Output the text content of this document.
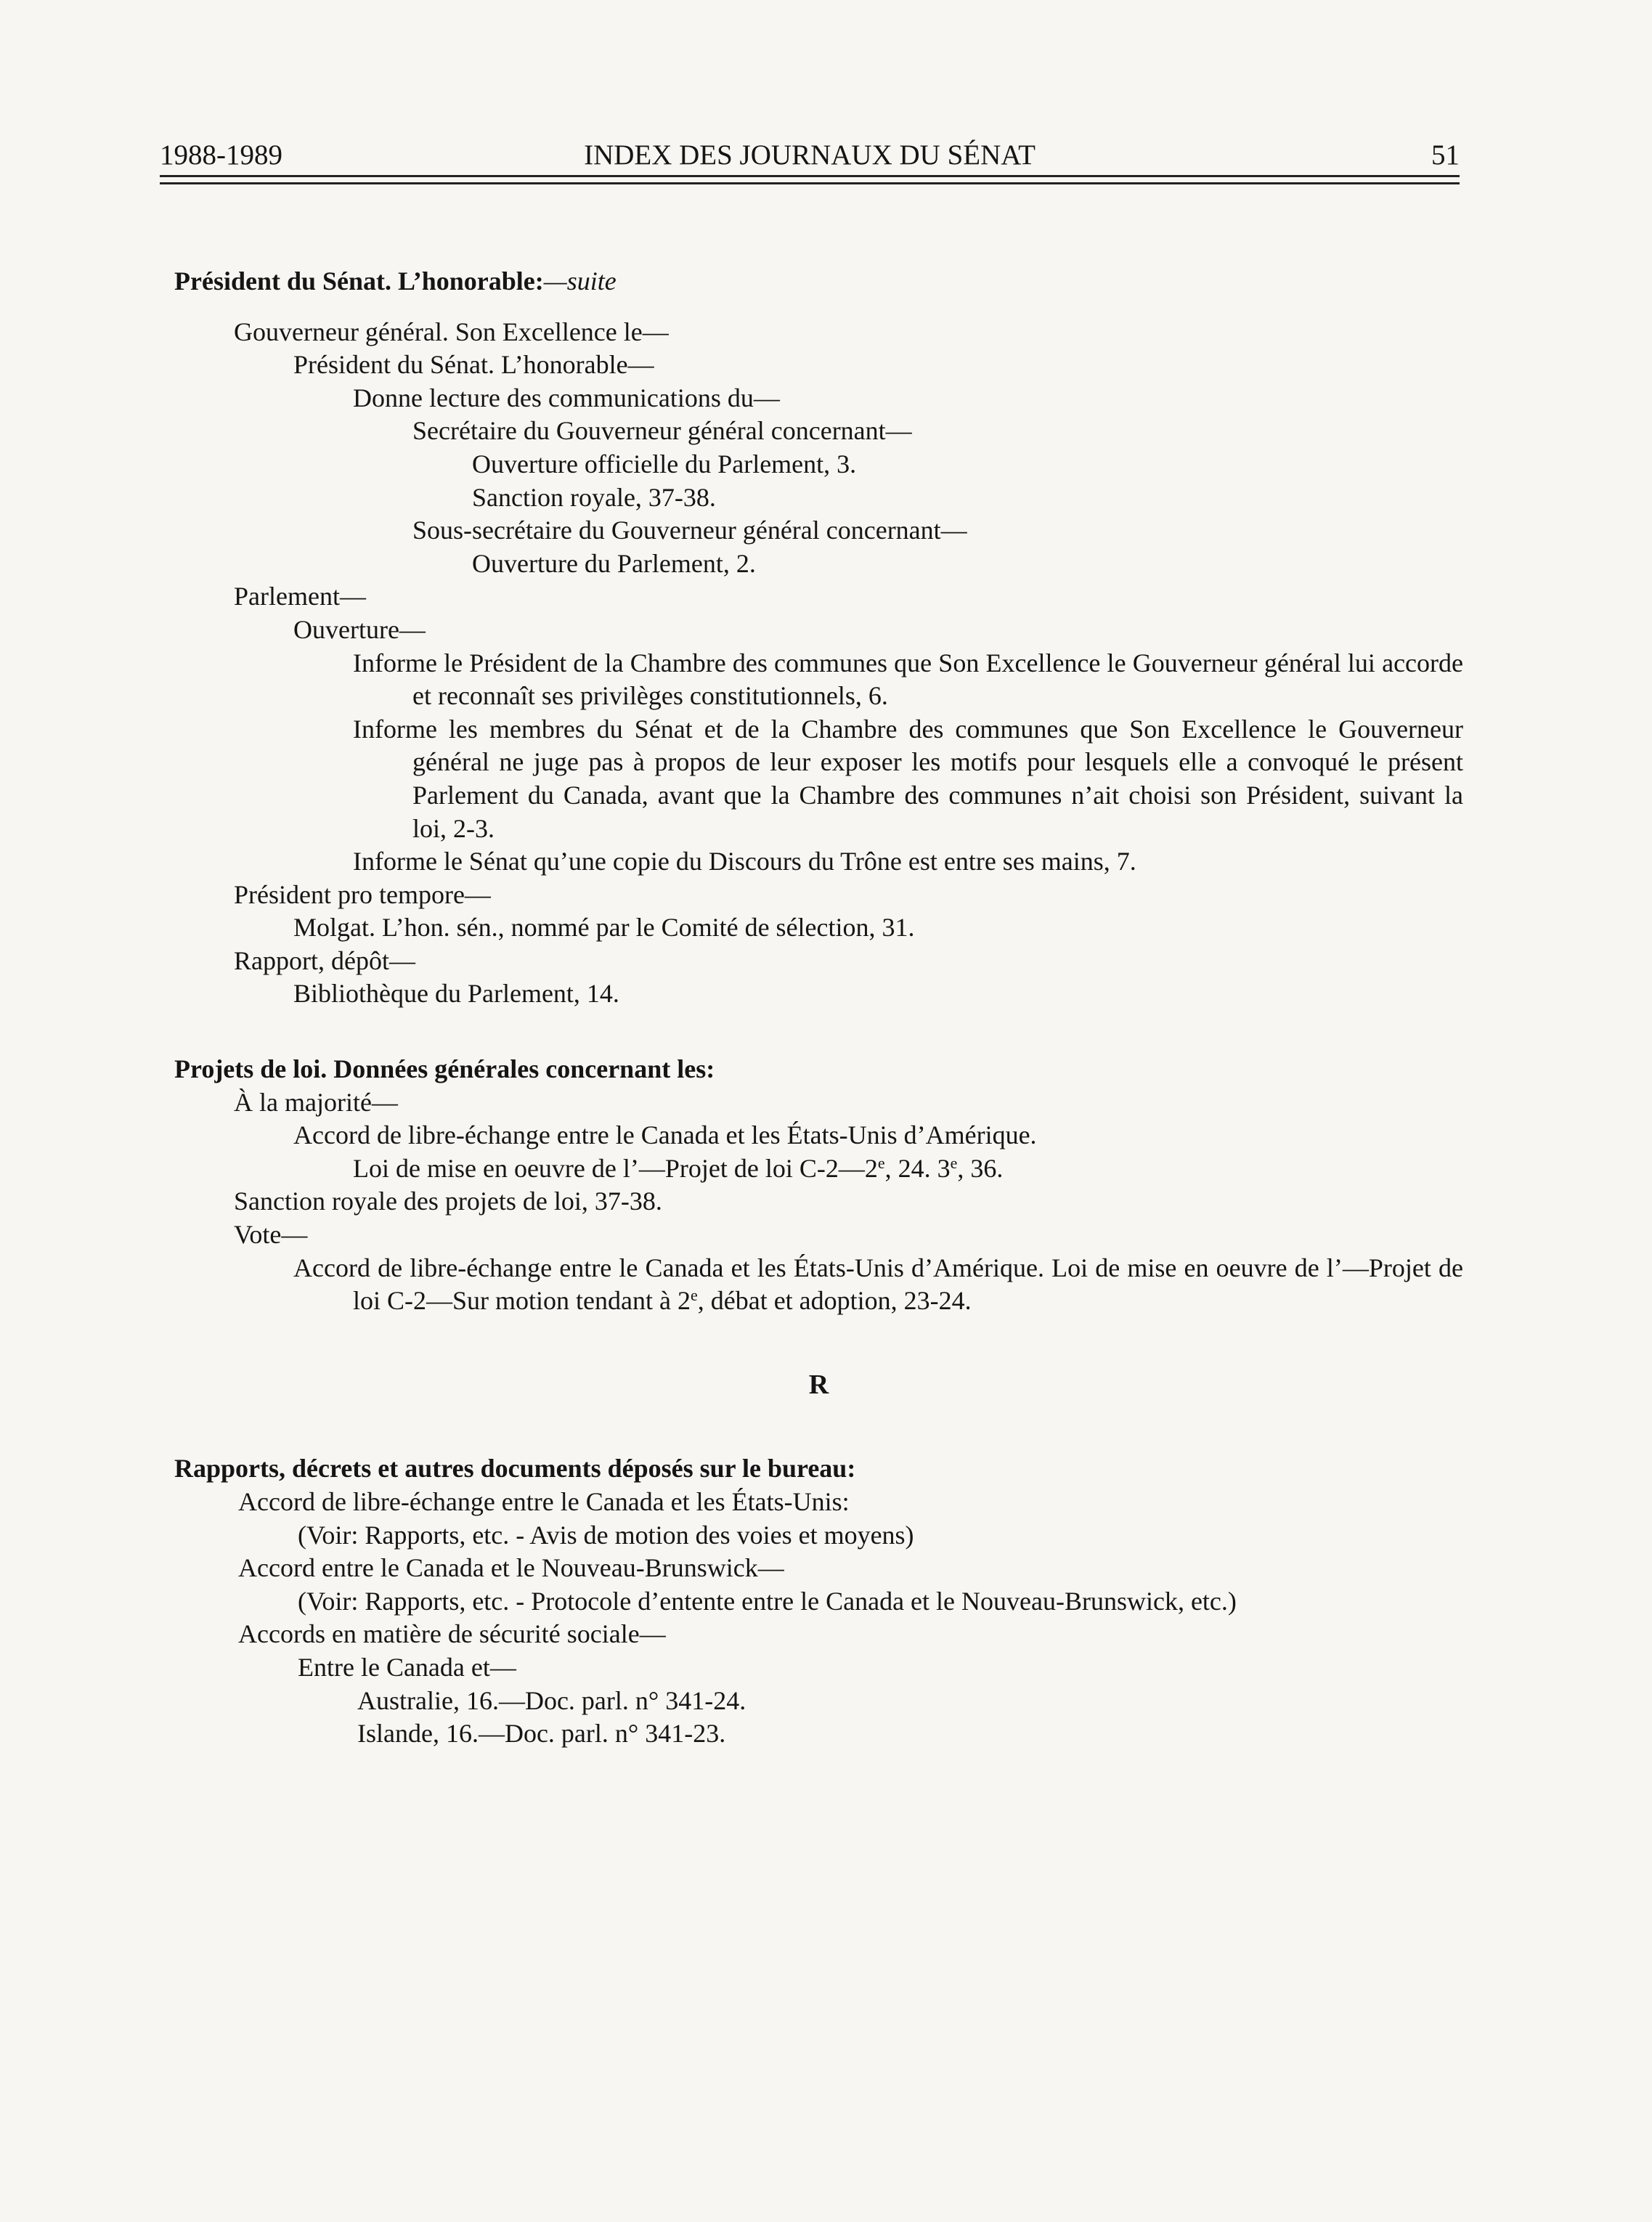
1988-1989	INDEX DES JOURNAUX DU SÉNAT	51

Président du Sénat. L’honorable:—suite

Gouverneur général. Son Excellence le—

Président du Sénat. L’honorable—

Donne lecture des communications du—

Secrétaire du Gouverneur général concernant—

Ouverture officielle du Parlement, 3.

Sanction royale, 37-38.

Sous-secrétaire du Gouverneur général concernant—

Ouverture du Parlement, 2.

Parlement—

Ouverture—

Informe le Président de la Chambre des communes que Son Excellence le Gouverneur général lui accorde et reconnaît ses privilèges constitutionnels, 6.

Informe les membres du Sénat et de la Chambre des communes que Son Excellence le Gouverneur général ne juge pas à propos de leur exposer les motifs pour lesquels elle a convoqué le présent Parlement du Canada, avant que la Chambre des communes n’ait choisi son Président, suivant la loi, 2-3.

Informe le Sénat qu’une copie du Discours du Trône est entre ses mains, 7.

Président pro tempore—

Molgat. L’hon. sén., nommé par le Comité de sélection, 31.

Rapport, dépôt—

Bibliothèque du Parlement, 14.

Projets de loi. Données générales concernant les:

À la majorité—

Accord de libre-échange entre le Canada et les États-Unis d’Amérique.

Loi de mise en oeuvre de l’—Projet de loi C-2—2e, 24. 3e, 36.

Sanction royale des projets de loi, 37-38.

Vote—

Accord de libre-échange entre le Canada et les États-Unis d’Amérique. Loi de mise en oeuvre de l’—Projet de loi C-2—Sur motion tendant à 2e, débat et adoption, 23-24.

R

Rapports, décrets et autres documents déposés sur le bureau:

Accord de libre-échange entre le Canada et les États-Unis:

(Voir: Rapports, etc. - Avis de motion des voies et moyens)

Accord entre le Canada et le Nouveau-Brunswick—

(Voir: Rapports, etc. - Protocole d’entente entre le Canada et le Nouveau-Brunswick, etc.)

Accords en matière de sécurité sociale—

Entre le Canada et—

Australie, 16.—Doc. parl. n° 341-24.

Islande, 16.—Doc. parl. n° 341-23.
